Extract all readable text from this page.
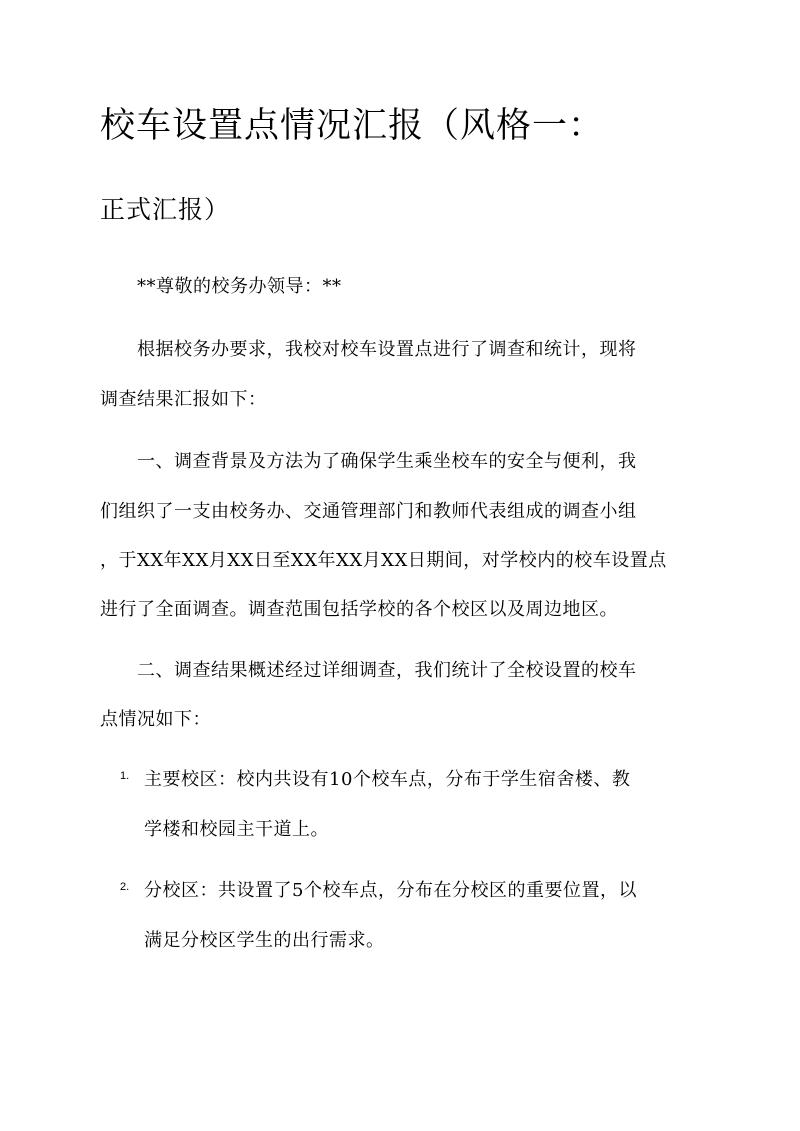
校车设置点情况汇报（风格一：
正式汇报）
**尊敬的校务办领导：**
根据校务办要求，我校对校车设置点进行了调查和统计，现将
调查结果汇报如下：
一、调查背景及方法为了确保学生乘坐校车的安全与便利，我
们组织了一支由校务办、交通管理部门和教师代表组成的调查小组
，于XX年XX月XX日至XX年XX月XX日期间，对学校内的校车设置点
进行了全面调查。调查范围包括学校的各个校区以及周边地区。
二、调查结果概述经过详细调查，我们统计了全校设置的校车
点情况如下：
1. 主要校区：校内共设有10个校车点，分布于学生宿舍楼、教
学楼和校园主干道上。
2. 分校区：共设置了5个校车点，分布在分校区的重要位置，以
满足分校区学生的出行需求。
